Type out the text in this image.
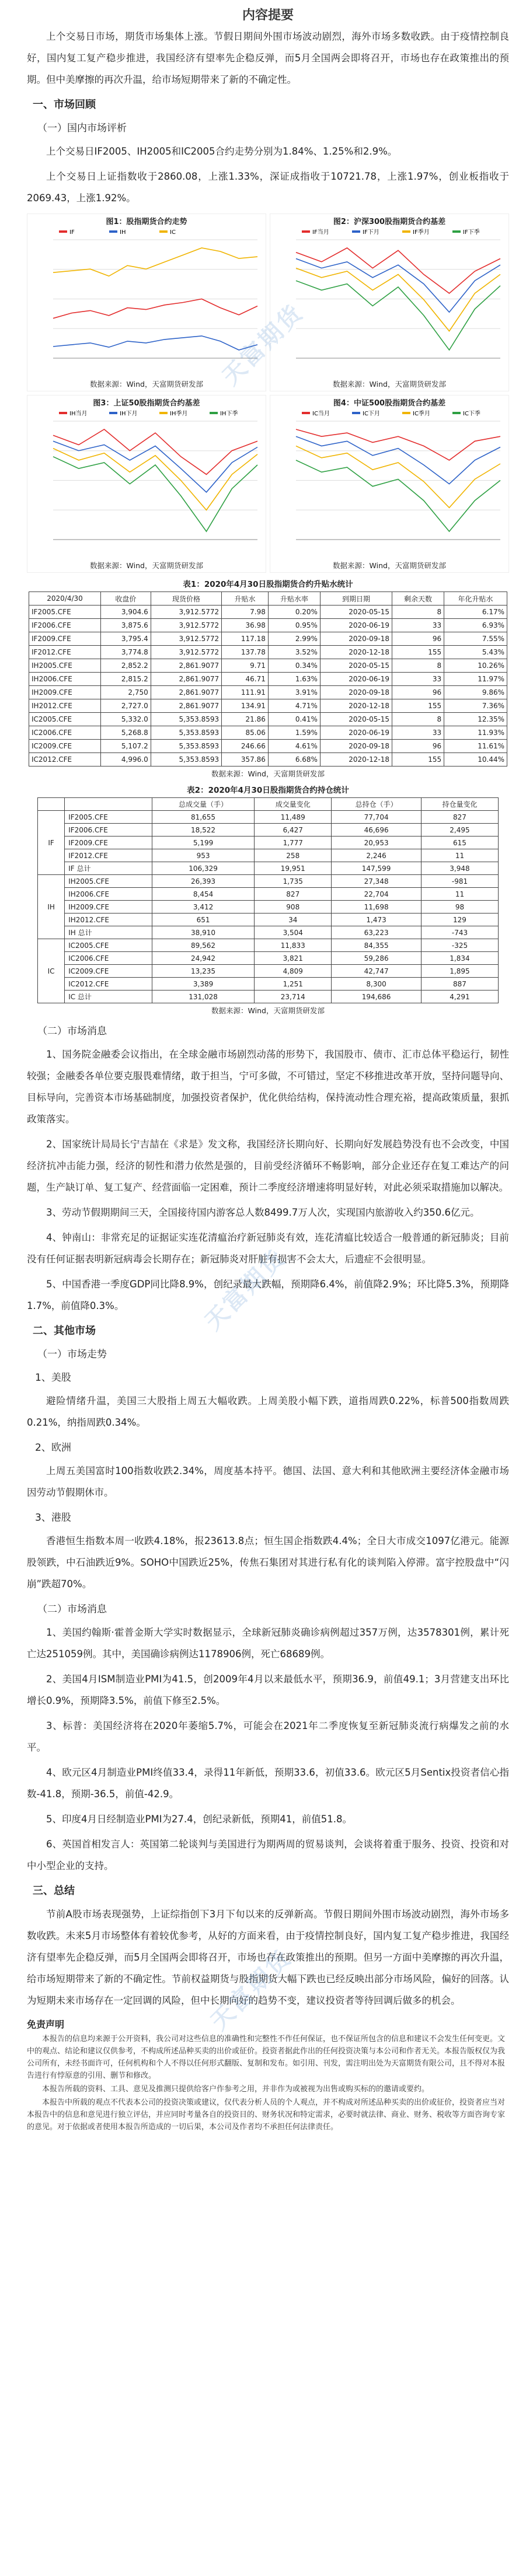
内容提要

上个交易日市场，期货市场集体上涨。节假日期间外围市场波动剧烈，海外市场多数收跌。由于疫情控制良好，国内复工复产稳步推进，我国经济有望率先企稳反弹，而5月全国两会即将召开，市场也存在政策推出的预期。但中美摩擦的再次升温，给市场短期带来了新的不确定性。

一、市场回顾
（一）国内市场评析

上个交易日IF2005、IH2005和IC2005合约走势分别为1.84%、1.25%和2.9%。

上个交易日上证指数收于2860.08，上涨1.33%，深证成指收于10721.78，上涨1.97%，创业板指收于2069.43，上涨1.92%。

图1：股指期货合约走势
IF	IH	IC
数据来源：Wind，天富期货研发部
图2：沪深300股指期货合约基差
IF当月	IF下月	IF季月	IF下季
数据来源：Wind，天富期货研发部
图3：上证50股指期货合约基差
IH当月	IH下月	IH季月	IH下季
数据来源：Wind，天富期货研发部
图4：中证500股指期货合约基差
IC当月	IC下月	IC季月	IC下季
数据来源：Wind，天富期货研发部
表1：2020年4月30日股指期货合约升贴水统计
2020/4/30	收盘价	现货价格	升贴水	升贴水率	到期日期	剩余天数	年化升贴水
IF2005.CFE	3,904.6	3,912.5772	7.98	0.20%	2020-05-15	8	6.17%
IF2006.CFE	3,875.6	3,912.5772	36.98	0.95%	2020-06-19	33	6.93%
IF2009.CFE	3,795.4	3,912.5772	117.18	2.99%	2020-09-18	96	7.55%
IF2012.CFE	3,774.8	3,912.5772	137.78	3.52%	2020-12-18	155	5.43%
IH2005.CFE	2,852.2	2,861.9077	9.71	0.34%	2020-05-15	8	10.26%
IH2006.CFE	2,815.2	2,861.9077	46.71	1.63%	2020-06-19	33	11.97%
IH2009.CFE	2,750	2,861.9077	111.91	3.91%	2020-09-18	96	9.86%
IH2012.CFE	2,727.0	2,861.9077	134.91	4.71%	2020-12-18	155	7.36%
IC2005.CFE	5,332.0	5,353.8593	21.86	0.41%	2020-05-15	8	12.35%
IC2006.CFE	5,268.8	5,353.8593	85.06	1.59%	2020-06-19	33	11.93%
IC2009.CFE	5,107.2	5,353.8593	246.66	4.61%	2020-09-18	96	11.61%
IC2012.CFE	4,996.0	5,353.8593	357.86	6.68%	2020-12-18	155	10.44%
数据来源：Wind，天富期货研发部
表2：2020年4月30日股指期货合约持仓统计
		总成交量（手）	成交量变化	总持仓（手）	持仓量变化
IF	IF2005.CFE	81,655	11,489	77,704	827
	IF2006.CFE	18,522	6,427	46,696	2,495
	IF2009.CFE	5,199	1,777	20,953	615
	IF2012.CFE	953	258	2,246	11
	IF 总计	106,329	19,951	147,599	3,948
IH	IH2005.CFE	26,393	1,735	27,348	-981
	IH2006.CFE	8,454	827	22,704	11
	IH2009.CFE	3,412	908	11,698	98
	IH2012.CFE	651	34	1,473	129
	IH 总计	38,910	3,504	63,223	-743
IC	IC2005.CFE	89,562	11,833	84,355	-325
	IC2006.CFE	24,942	3,821	59,286	1,834
	IC2009.CFE	13,235	4,809	42,747	1,895
	IC2012.CFE	3,389	1,251	8,300	887
	IC 总计	131,028	23,714	194,686	4,291
数据来源：Wind，天富期货研发部
（二）市场消息

1、国务院金融委会议指出，在全球金融市场剧烈动荡的形势下，我国股市、债市、汇市总体平稳运行，韧性较强；金融委各单位要克服畏难情绪，敢于担当，宁可多做，不可错过，坚定不移推进改革开放，坚持问题导向、目标导向，完善资本市场基础制度，加强投资者保护，优化供给结构，保持流动性合理充裕，提高政策质量，狠抓政策落实。

2、国家统计局局长宁吉喆在《求是》发文称，我国经济长期向好、长期向好发展趋势没有也不会改变，中国经济抗冲击能力强，经济的韧性和潜力依然是强的，目前受经济循环不畅影响，部分企业还存在复工难达产的问题，生产缺订单、复工复产、经营面临一定困难，预计二季度经济增速将明显好转，对此必须采取措施加以解决。

3、劳动节假期期间三天，全国接待国内游客总人数8499.7万人次，实现国内旅游收入约350.6亿元。

4、钟南山：非常充足的证据证实连花清瘟治疗新冠肺炎有效，连花清瘟比较适合一般普通的新冠肺炎；目前没有任何证据表明新冠病毒会长期存在；新冠肺炎对肝脏有损害不会太大，后遗症不会很明显。

5、中国香港一季度GDP同比降8.9%，创纪录最大跌幅，预期降6.4%，前值降2.9%；环比降5.3%，预期降1.7%，前值降0.3%。

二、其他市场
（一）市场走势
1、美股

避险情绪升温，美国三大股指上周五大幅收跌。上周美股小幅下跌，道指周跌0.22%，标普500指数周跌0.21%，纳指周跌0.34%。

2、欧洲

上周五美国富时100指数收跌2.34%，周度基本持平。德国、法国、意大利和其他欧洲主要经济体金融市场因劳动节假期休市。

3、港股

香港恒生指数本周一收跌4.18%，报23613.8点；恒生国企指数跌4.4%；全日大市成交1097亿港元。能源股领跌，中石油跌近9%。SOHO中国跌近25%，传焦石集团对其进行私有化的谈判陷入停滞。富宇控股盘中“闪崩”跌超70%。

（二）市场消息

1、美国约翰斯·霍普金斯大学实时数据显示，全球新冠肺炎确诊病例超过357万例，达3578301例，累计死亡达251059例。其中，美国确诊病例达1178906例，死亡68689例。

2、美国4月ISM制造业PMI为41.5，创2009年4月以来最低水平，预期36.9，前值49.1；3月营建支出环比增长0.9%，预期降3.5%，前值下修至2.5%。

3、标普：美国经济将在2020年萎缩5.7%，可能会在2021年二季度恢复至新冠肺炎流行病爆发之前的水平。

4、欧元区4月制造业PMI终值33.4，录得11年新低，预期33.6，初值33.6。欧元区5月Sentix投资者信心指数-41.8，预期-36.5，前值-42.9。

5、印度4月日经制造业PMI为27.4，创纪录新低，预期41，前值51.8。

6、英国首相发言人：英国第二轮谈判与美国进行为期两周的贸易谈判，会谈将着重于服务、投资、投资和对中小型企业的支持。

三、总结

节前A股市场表现强势，上证综指创下3月下旬以来的反弹新高。节假日期间外围市场波动剧烈，海外市场多数收跌。未来5月市场整体有着较优参考，从好的方面来看，由于疫情控制良好，国内复工复产稳步推进，我国经济有望率先企稳反弹，而5月全国两会即将召开，市场也存在政策推出的预期。但另一方面中美摩擦的再次升温，给市场短期带来了新的不确定性。节前权益期货与股指期货大幅下跌也已经反映出部分市场风险，偏好的回落。认为短期未来市场存在一定回调的风险，但中长期向好的趋势不变，建议投资者等待回调后做多的机会。

免责声明

本报告的信息均来源于公开资料，我公司对这些信息的准确性和完整性不作任何保证，也不保证所包含的信息和建议不会发生任何变更。文中的观点、结论和建议仅供参考，不构成所述品种买卖的出价或征价。投资者据此作出的任何投资决策与本公司和作者无关。本报告版权仅为我公司所有，未经书面许可，任何机构和个人不得以任何形式翻版、复制和发布。如引用、刊发，需注明出处为天富期货有限公司，且不得对本报告进行有悖原意的引用、删节和修改。

本报告所载的资料、工具、意见及推测只提供给客户作参考之用，并非作为或被视为出售或购买标的的邀请或要约。

本报告中所载的观点不代表本公司的投资决策或建议，仅代表分析人员的个人观点，并不构成对所述品种买卖的出价或征价，投资者应当对本报告中的信息和意见进行独立评估，并应同时考量各自的投资目的、财务状况和特定需求，必要时就法律、商业、财务、税收等方面咨询专家的意见。对于依据或者使用本报告所造成的一切后果，本公司及作者均不承担任何法律责任。

天富期货
天富期货
天富期货
